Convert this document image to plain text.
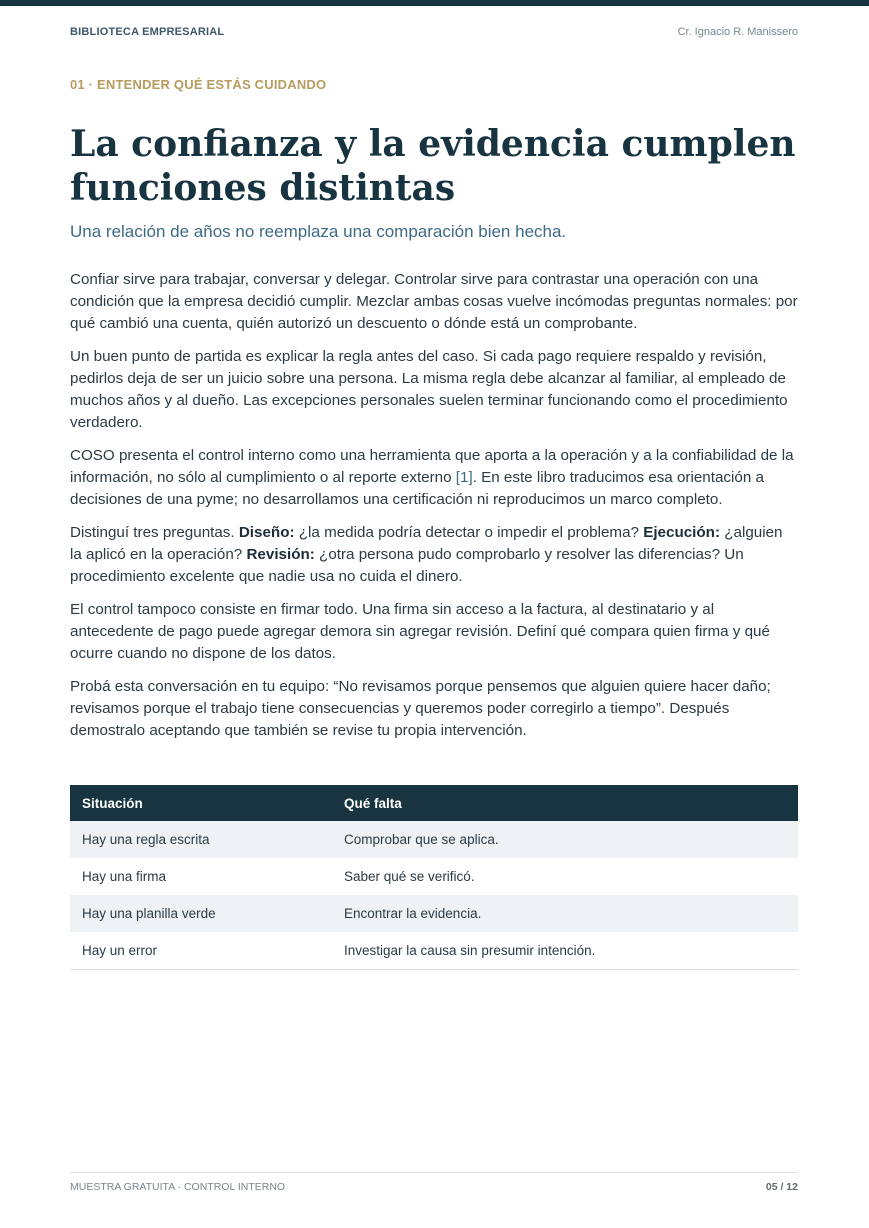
BIBLIOTECA EMPRESARIAL	Cr. Ignacio R. Manissero
01 · ENTENDER QUÉ ESTÁS CUIDANDO
La confianza y la evidencia cumplen funciones distintas
Una relación de años no reemplaza una comparación bien hecha.

Confiar sirve para trabajar, conversar y delegar. Controlar sirve para contrastar una operación con una condición que la empresa decidió cumplir. Mezclar ambas cosas vuelve incómodas preguntas normales: por qué cambió una cuenta, quién autorizó un descuento o dónde está un comprobante.

Un buen punto de partida es explicar la regla antes del caso. Si cada pago requiere respaldo y revisión, pedirlos deja de ser un juicio sobre una persona. La misma regla debe alcanzar al familiar, al empleado de muchos años y al dueño. Las excepciones personales suelen terminar funcionando como el procedimiento verdadero.

COSO presenta el control interno como una herramienta que aporta a la operación y a la confiabilidad de la información, no sólo al cumplimiento o al reporte externo [1]. En este libro traducimos esa orientación a decisiones de una pyme; no desarrollamos una certificación ni reproducimos un marco completo.

Distinguí tres preguntas. Diseño: ¿la medida podría detectar o impedir el problema? Ejecución: ¿alguien la aplicó en la operación? Revisión: ¿otra persona pudo comprobarlo y resolver las diferencias? Un procedimiento excelente que nadie usa no cuida el dinero.

El control tampoco consiste en firmar todo. Una firma sin acceso a la factura, al destinatario y al antecedente de pago puede agregar demora sin agregar revisión. Definí qué compara quien firma y qué ocurre cuando no dispone de los datos.

Probá esta conversación en tu equipo: “No revisamos porque pensemos que alguien quiere hacer daño; revisamos porque el trabajo tiene consecuencias y queremos poder corregirlo a tiempo”. Después demostralo aceptando que también se revise tu propia intervención.

Situación	Qué falta
Hay una regla escrita	Comprobar que se aplica.
Hay una firma	Saber qué se verificó.
Hay una planilla verde	Encontrar la evidencia.
Hay un error	Investigar la causa sin presumir intención.
MUESTRA GRATUITA · CONTROL INTERNO	05 / 12
